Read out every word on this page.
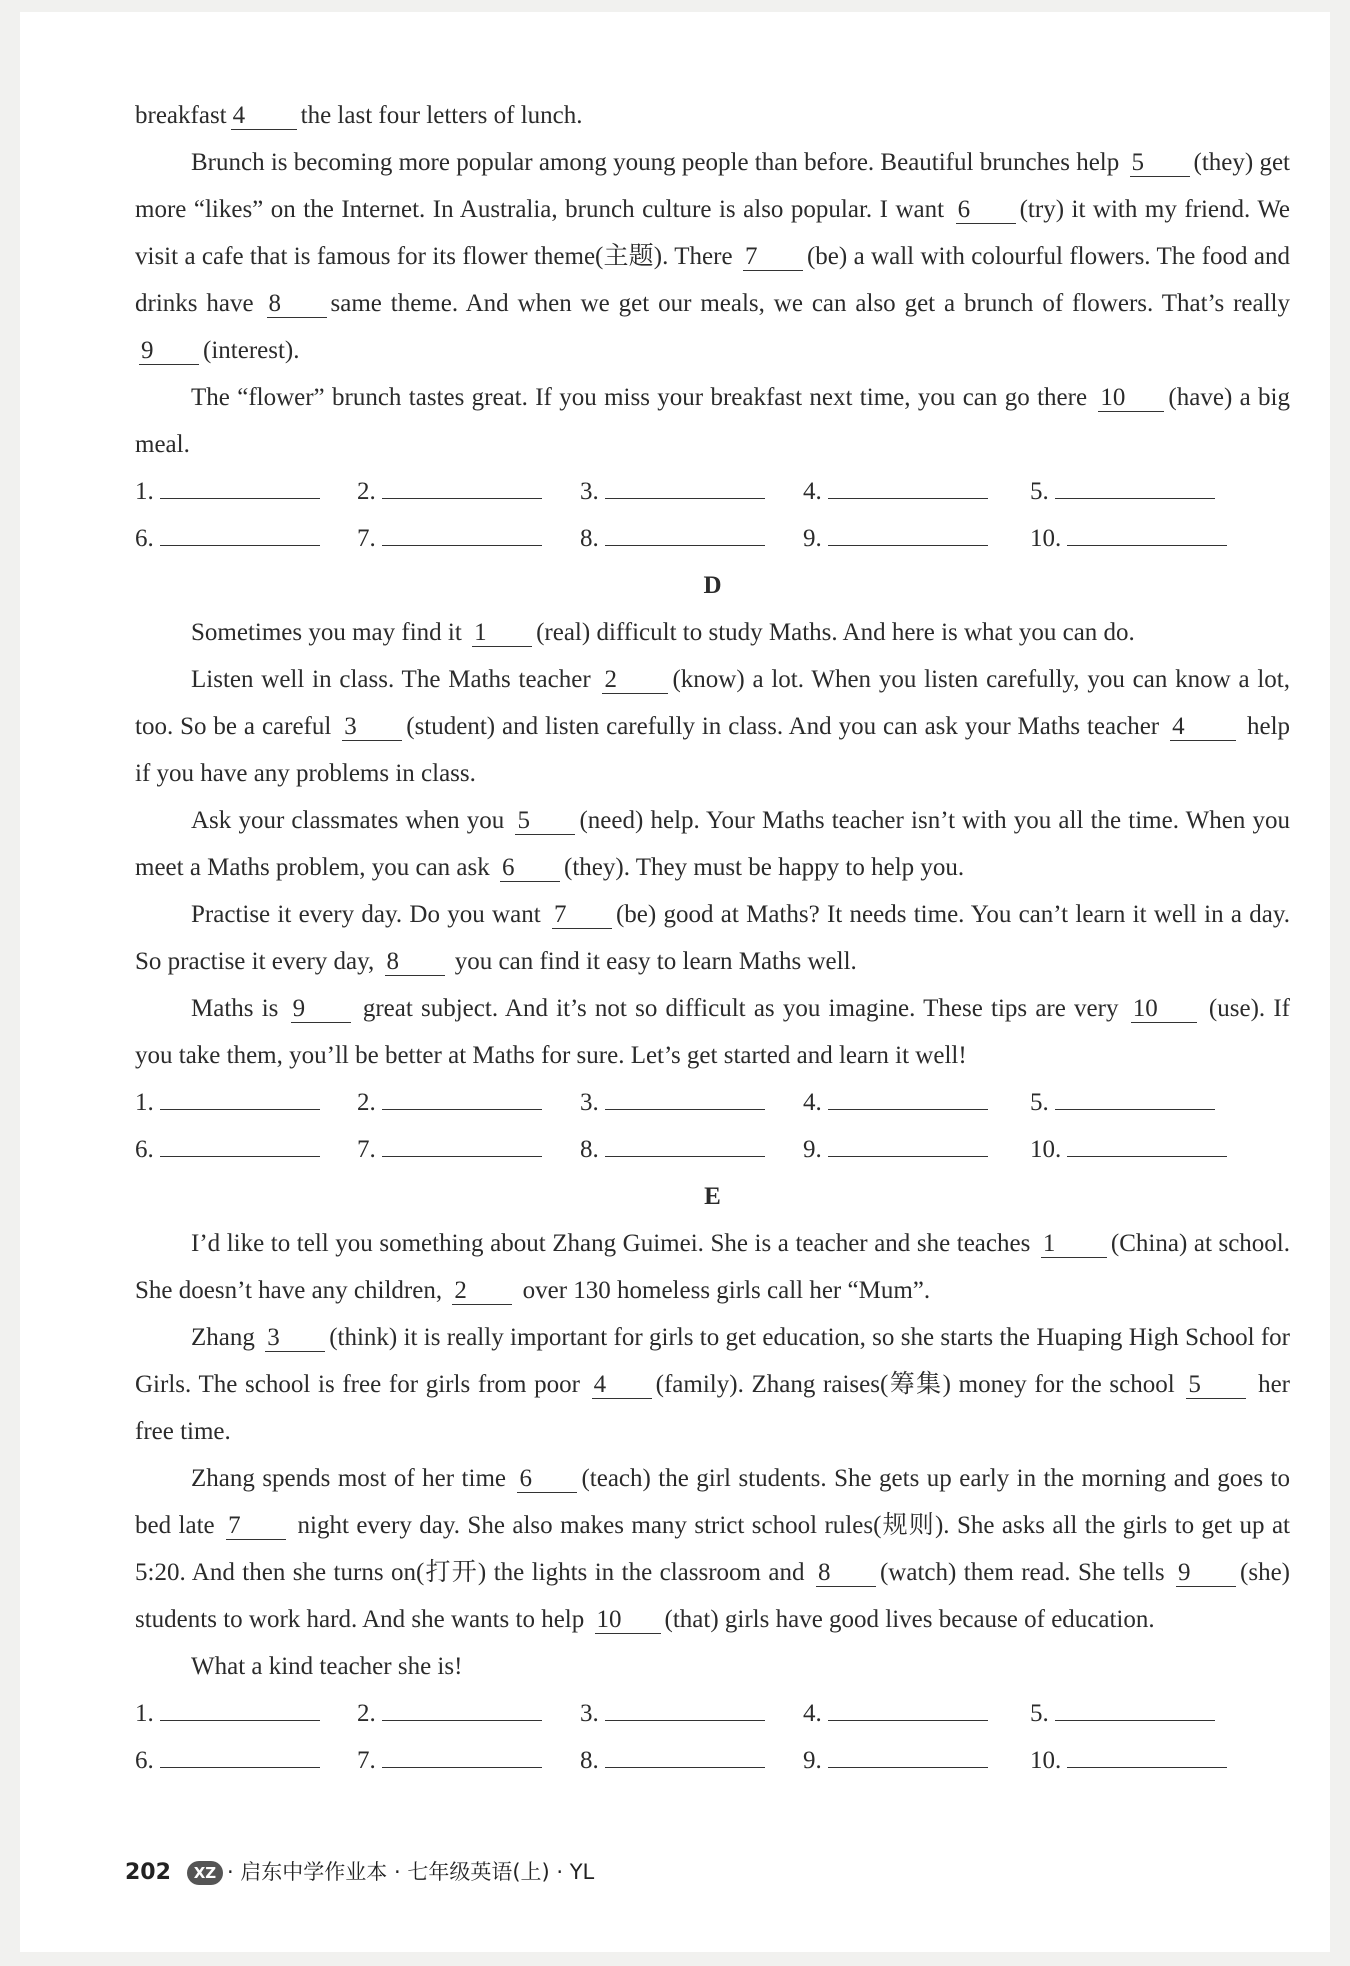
breakfast 4 the last four letters of lunch.

Brunch is becoming more popular among young people than before. Beautiful brunches help 5 (they) get more “likes” on the Internet. In Australia, brunch culture is also popular. I want 6 (try) it with my friend. We visit a cafe that is famous for its flower theme(主题). There 7 (be) a wall with colourful flowers. The food and drinks have 8 same theme. And when we get our meals, we can also get a brunch of flowers. That’s really 9 (interest).

The “flower” brunch tastes great. If you miss your breakfast next time, you can go there 10 (have) a big meal.

1.	2.	3.	4.	5.
6.	7.	8.	9.	10.
D

Sometimes you may find it 1 (real) difficult to study Maths. And here is what you can do.

Listen well in class. The Maths teacher 2 (know) a lot. When you listen carefully, you can know a lot, too. So be a careful 3 (student) and listen carefully in class. And you can ask your Maths teacher 4 help if you have any problems in class.

Ask your classmates when you 5 (need) help. Your Maths teacher isn’t with you all the time. When you meet a Maths problem, you can ask 6 (they). They must be happy to help you.

Practise it every day. Do you want 7 (be) good at Maths? It needs time. You can’t learn it well in a day. So practise it every day, 8 you can find it easy to learn Maths well.

Maths is 9 great subject. And it’s not so difficult as you imagine. These tips are very 10 (use). If you take them, you’ll be better at Maths for sure. Let’s get started and learn it well!

1.	2.	3.	4.	5.
6.	7.	8.	9.	10.
E

I’d like to tell you something about Zhang Guimei. She is a teacher and she teaches 1 (China) at school. She doesn’t have any children, 2 over 130 homeless girls call her “Mum”.

Zhang 3 (think) it is really important for girls to get education, so she starts the Huaping High School for Girls. The school is free for girls from poor 4 (family). Zhang raises(筹集) money for the school 5 her free time.

Zhang spends most of her time 6 (teach) the girl students. She gets up early in the morning and goes to bed late 7 night every day. She also makes many strict school rules(规则). She asks all the girls to get up at 5:20. And then she turns on(打开) the lights in the classroom and 8 (watch) them read. She tells 9 (she) students to work hard. And she wants to help 10 (that) girls have good lives because of education.

What a kind teacher she is!

1.	2.	3.	4.	5.
6.	7.	8.	9.	10.
202 XZ · 启东中学作业本 · 七年级英语(上) · YL
